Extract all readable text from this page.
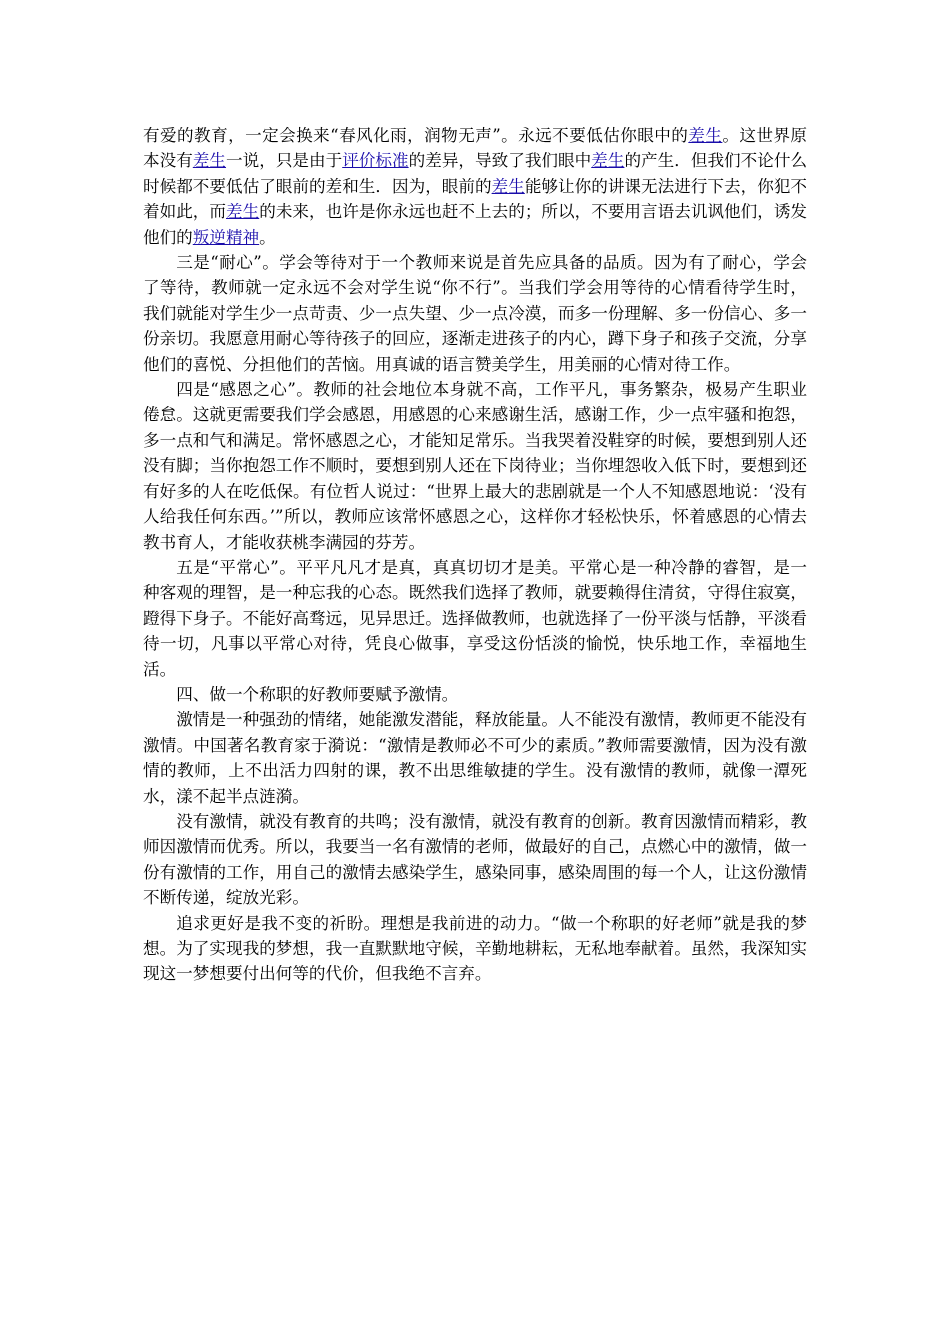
有爱的教育，一定会换来“春风化雨，润物无声”。永远不要低估你眼中的差生。这世界原本没有差生一说，只是由于评价标准的差异，导致了我们眼中差生的产生．但我们不论什么时候都不要低估了眼前的差和生．因为，眼前的差生能够让你的讲课无法进行下去，你犯不着如此，而差生的未来，也许是你永远也赶不上去的；所以，不要用言语去讥讽他们，诱发他们的叛逆精神。

三是“耐心”。学会等待对于一个教师来说是首先应具备的品质。因为有了耐心，学会了等待，教师就一定永远不会对学生说“你不行”。当我们学会用等待的心情看待学生时，我们就能对学生少一点苛责、少一点失望、少一点冷漠，而多一份理解、多一份信心、多一份亲切。我愿意用耐心等待孩子的回应，逐渐走进孩子的内心，蹲下身子和孩子交流，分享他们的喜悦、分担他们的苦恼。用真诚的语言赞美学生，用美丽的心情对待工作。

四是“感恩之心”。教师的社会地位本身就不高，工作平凡，事务繁杂，极易产生职业倦怠。这就更需要我们学会感恩，用感恩的心来感谢生活，感谢工作，少一点牢骚和抱怨，多一点和气和满足。常怀感恩之心，才能知足常乐。当我哭着没鞋穿的时候，要想到别人还没有脚；当你抱怨工作不顺时，要想到别人还在下岗待业；当你埋怨收入低下时，要想到还有好多的人在吃低保。有位哲人说过：“世界上最大的悲剧就是一个人不知感恩地说：‘没有人给我任何东西。’”所以，教师应该常怀感恩之心，这样你才轻松快乐，怀着感恩的心情去教书育人，才能收获桃李满园的芬芳。

五是“平常心”。平平凡凡才是真，真真切切才是美。平常心是一种冷静的睿智，是一种客观的理智，是一种忘我的心态。既然我们选择了教师，就要赖得住清贫，守得住寂寞，蹬得下身子。不能好高骛远，见异思迁。选择做教师，也就选择了一份平淡与恬静，平淡看待一切，凡事以平常心对待，凭良心做事，享受这份恬淡的愉悦，快乐地工作，幸福地生活。

四、做一个称职的好教师要赋予激情。

激情是一种强劲的情绪，她能激发潜能，释放能量。人不能没有激情，教师更不能没有激情。中国著名教育家于漪说：“激情是教师必不可少的素质。”教师需要激情，因为没有激情的教师，上不出活力四射的课，教不出思维敏捷的学生。没有激情的教师，就像一潭死水，漾不起半点涟漪。

没有激情，就没有教育的共鸣；没有激情，就没有教育的创新。教育因激情而精彩，教师因激情而优秀。所以，我要当一名有激情的老师，做最好的自己，点燃心中的激情，做一份有激情的工作，用自己的激情去感染学生，感染同事，感染周围的每一个人，让这份激情不断传递，绽放光彩。

追求更好是我不变的祈盼。理想是我前进的动力。“做一个称职的好老师”就是我的梦想。为了实现我的梦想，我一直默默地守候，辛勤地耕耘，无私地奉献着。虽然，我深知实现这一梦想要付出何等的代价，但我绝不言弃。
